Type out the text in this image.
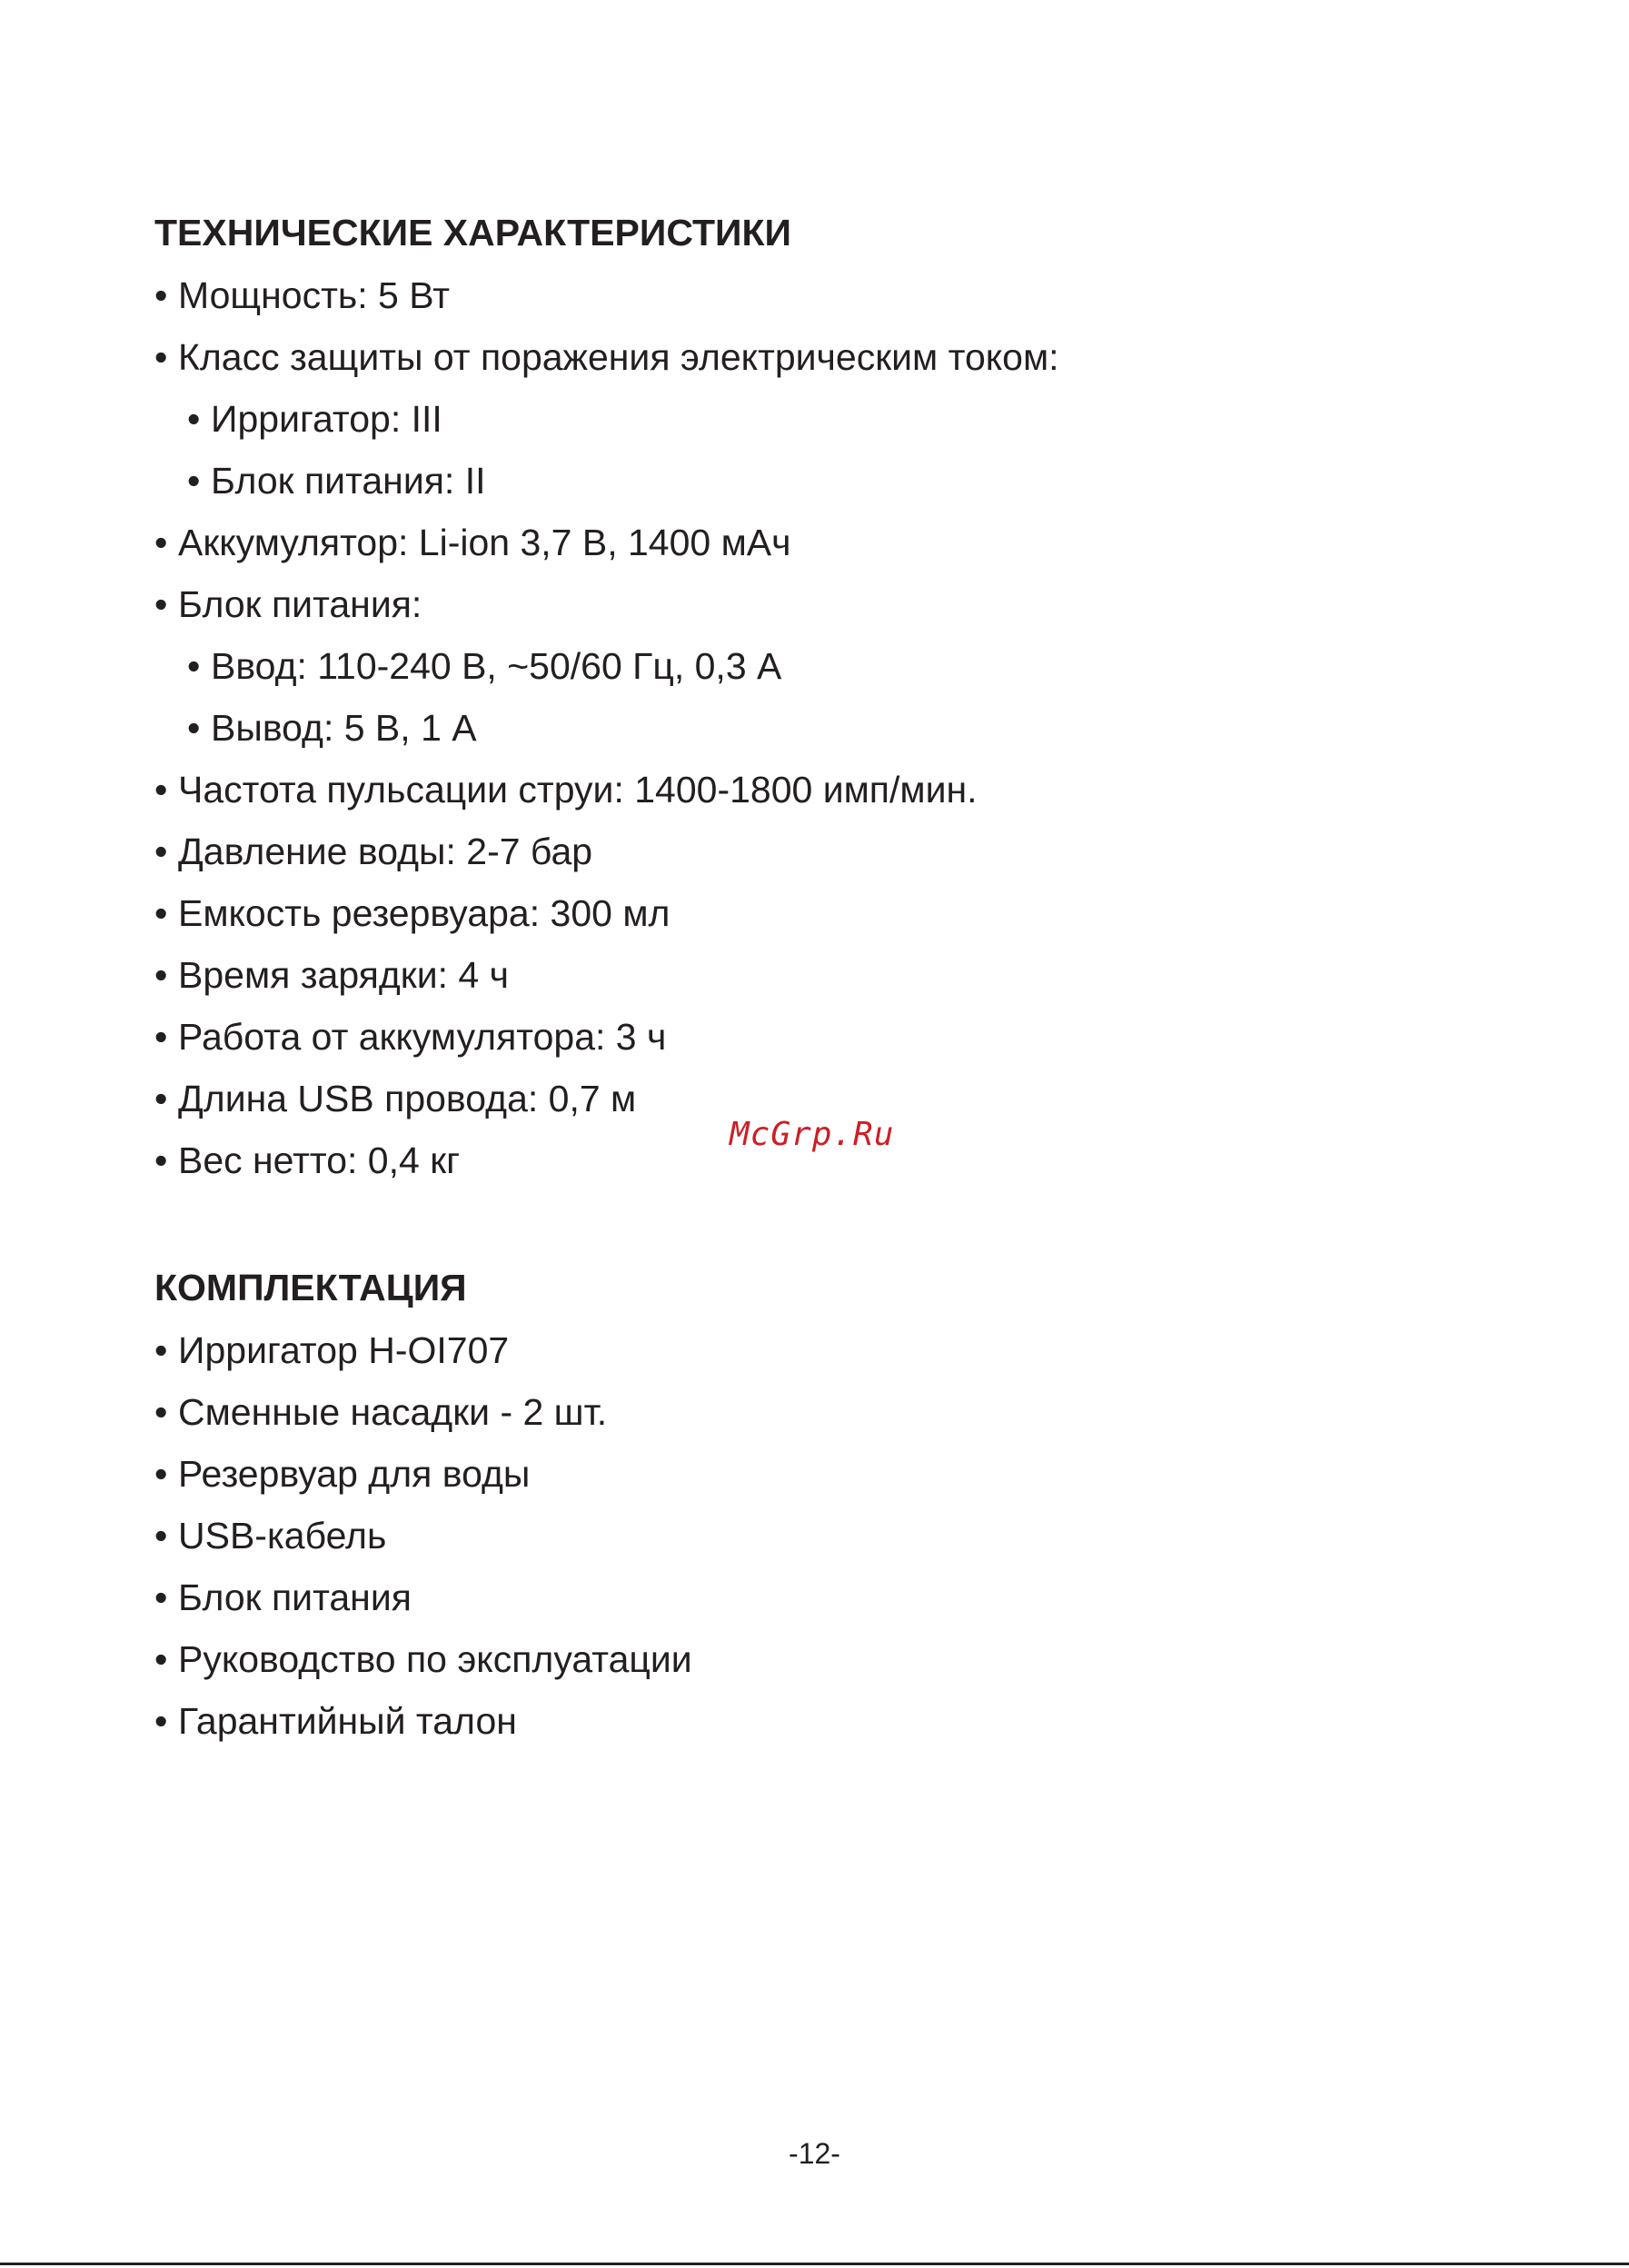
ТЕХНИЧЕСКИЕ ХАРАКТЕРИСТИКИ
• Мощность: 5 Вт
• Класс защиты от поражения электрическим током:
• Ирригатор: III
• Блок питания: II
• Аккумулятор: Li-ion 3,7 В, 1400 мАч
• Блок питания:
• Ввод: 110-240 В, ~50/60 Гц, 0,3 А
• Вывод: 5 В, 1 А
• Частота пульсации струи: 1400-1800 имп/мин.
• Давление воды: 2-7 бар
• Емкость резервуара: 300 мл
• Время зарядки: 4 ч
• Работа от аккумулятора: 3 ч
• Длина USB провода: 0,7 м
• Вес нетто: 0,4 кг
КОМПЛЕКТАЦИЯ
• Ирригатор H-OI707
• Сменные насадки - 2 шт.
• Резервуар для воды
• USB-кабель
• Блок питания
• Руководство по эксплуатации
• Гарантийный талон
McGrp.Ru
-12-
